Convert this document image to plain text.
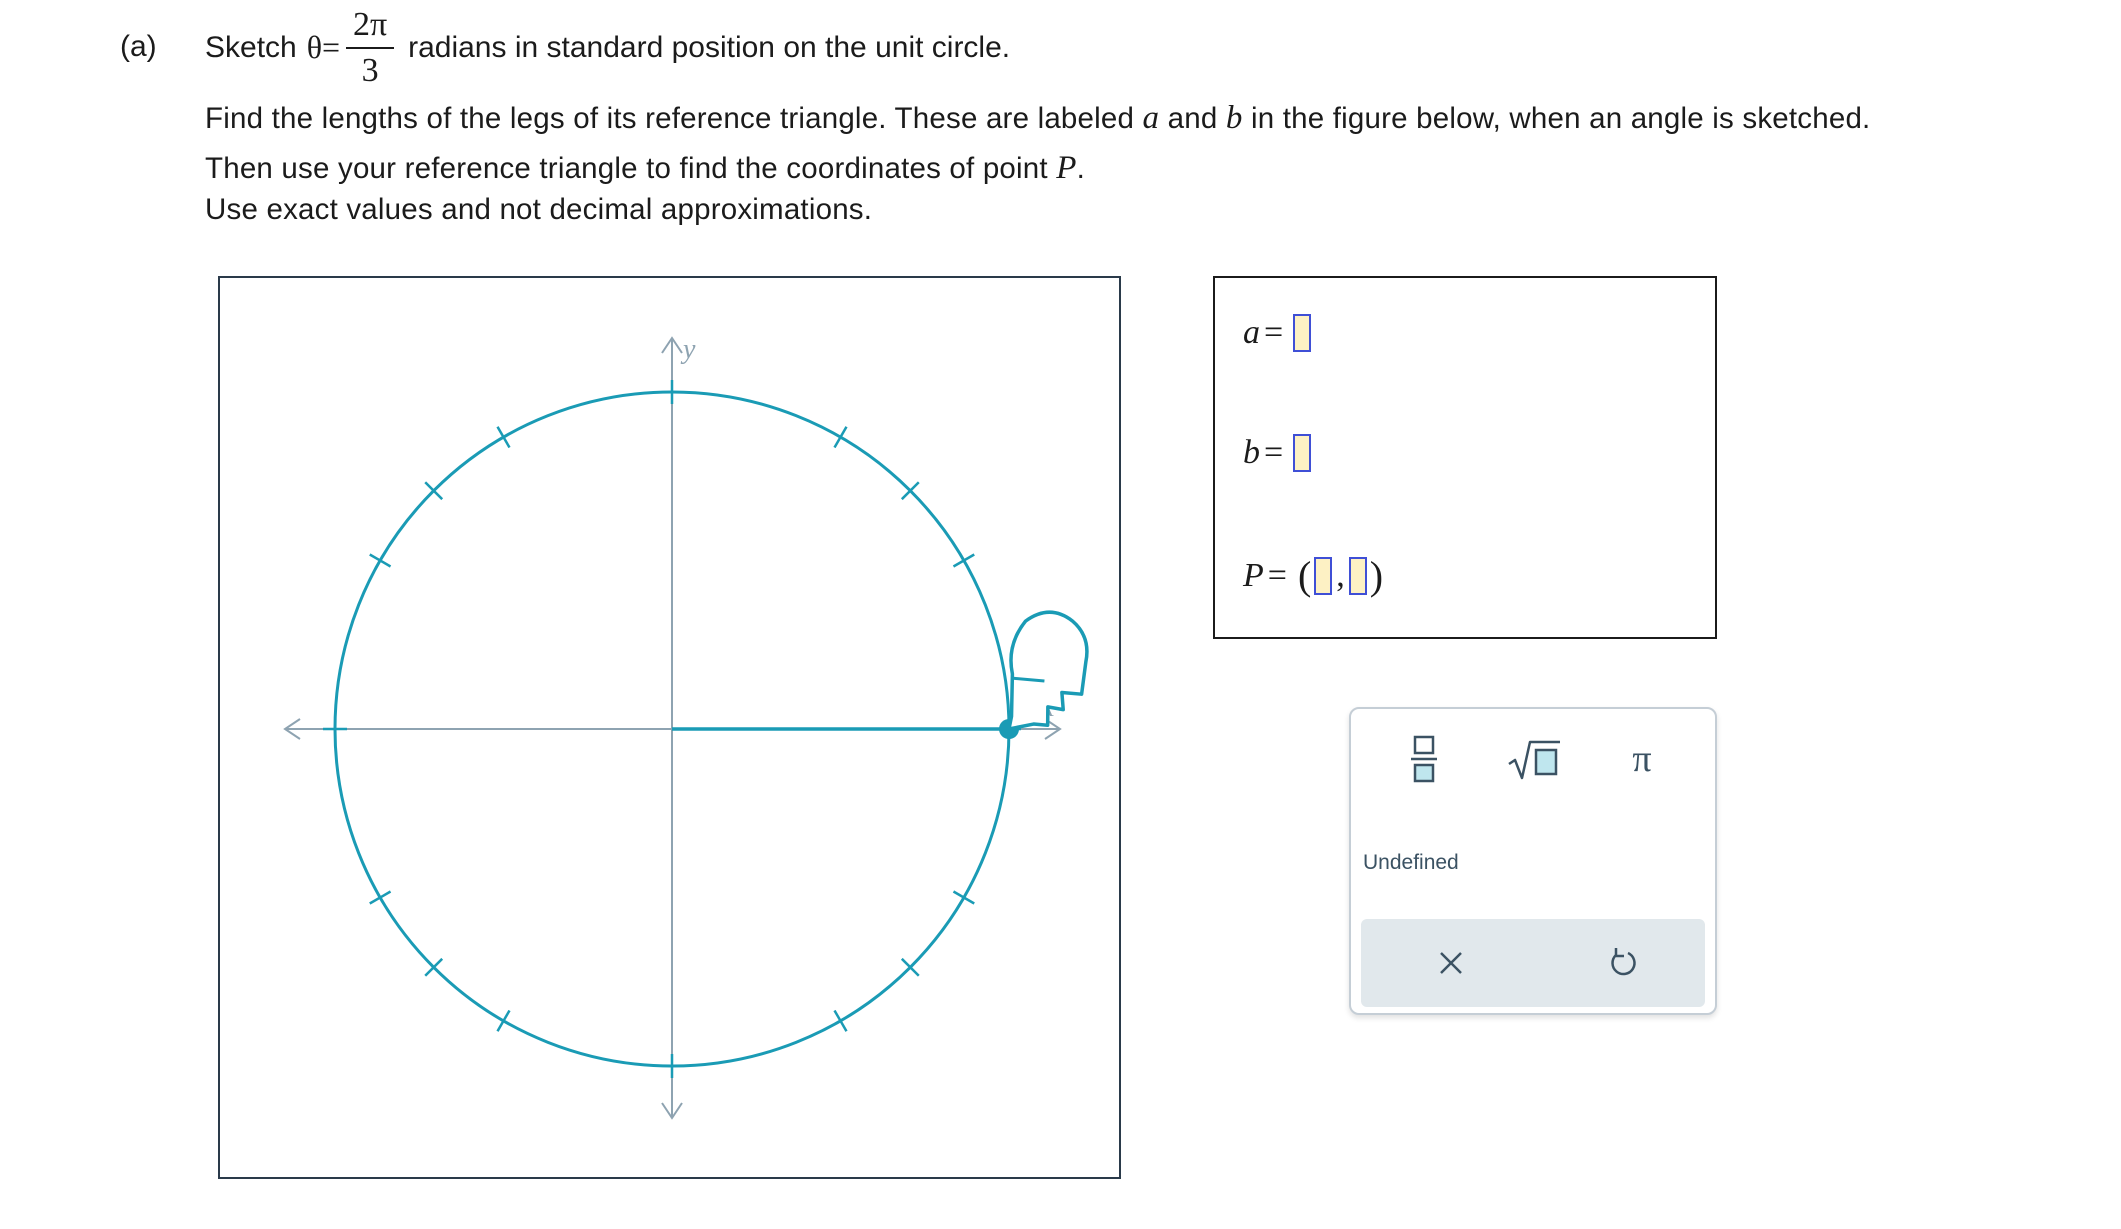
(a) Sketch $\theta= \frac{2\pi}{3}$ radians in standard position on the unit circle.
Find the lengths of the legs of its reference triangle. These are labeled a and b in the figure below, when an angle is sketched.
Then use your reference triangle to find the coordinates of point P.
Use exact values and not decimal approximations.
y	a =
b =
P = ( , )
π
Undefined
